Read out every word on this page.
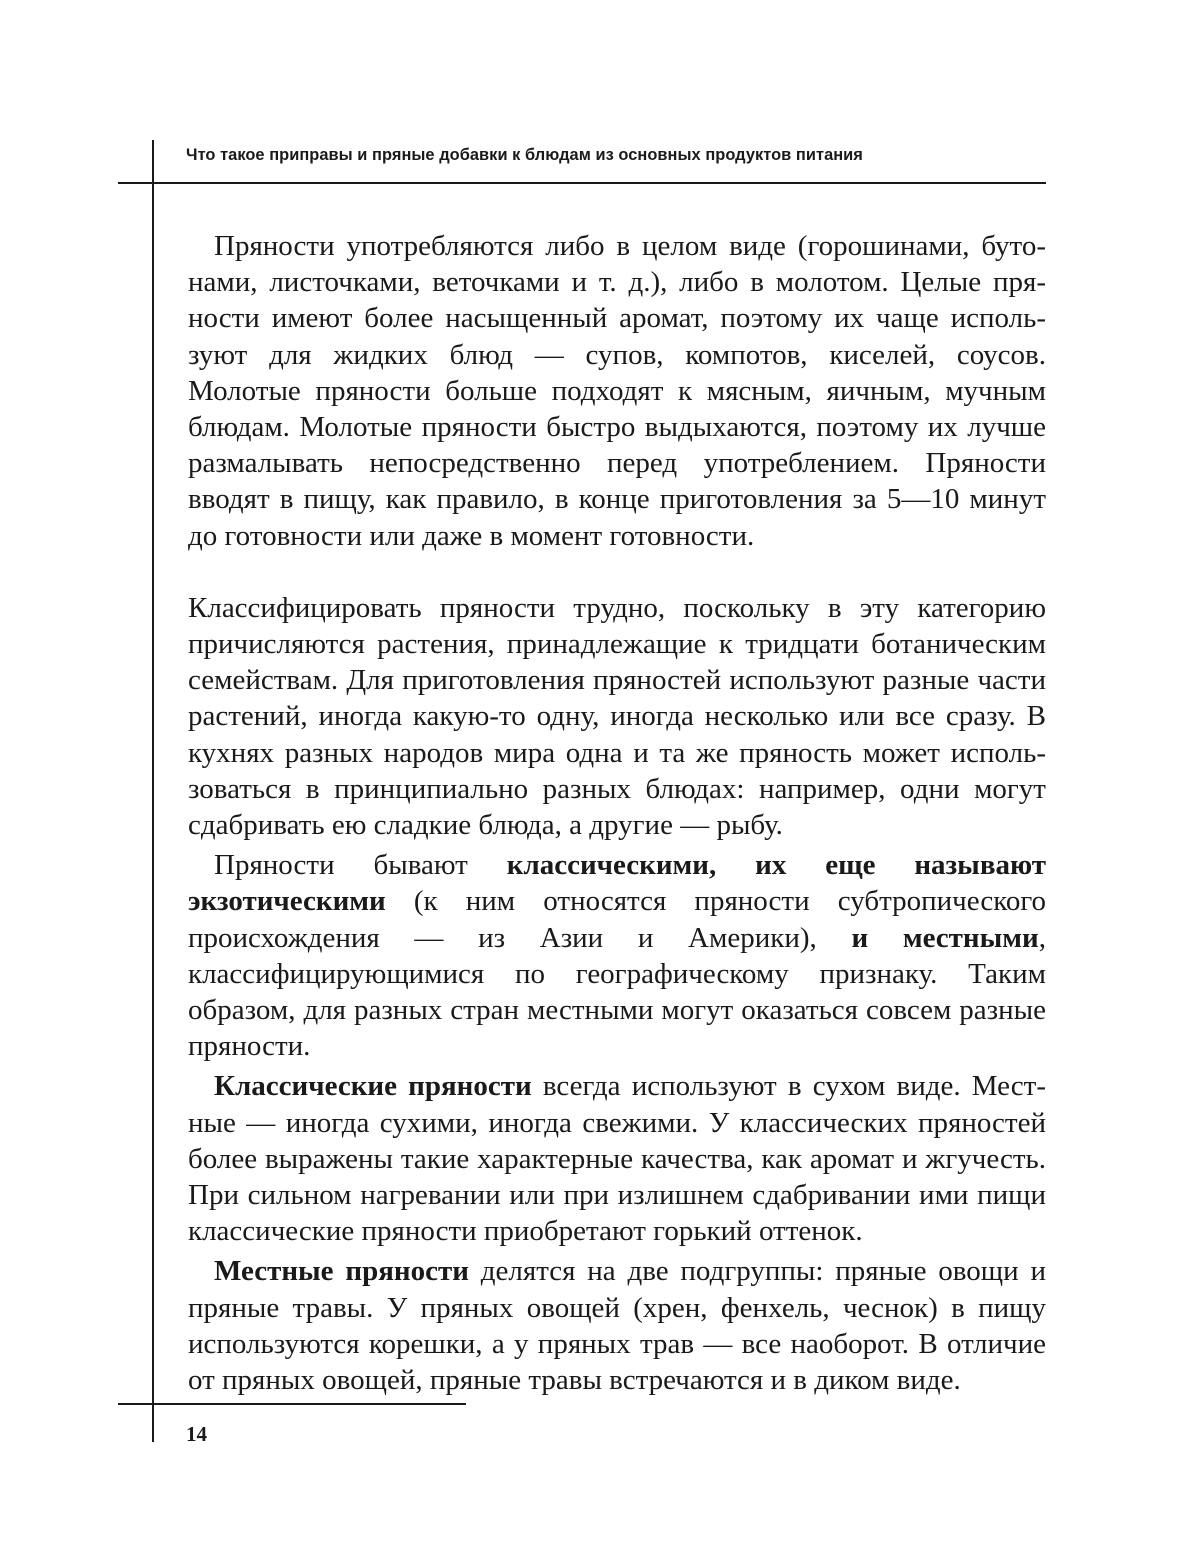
Что такое приправы и пряные добавки к блюдам из основных продуктов питания

Пряности употребляются либо в целом виде (горошинами, бутонами, листочками, веточками и т. д.), либо в молотом. Целые пряности имеют более насыщенный аромат, поэтому их чаще используют для жидких блюд — супов, компотов, киселей, соусов. Молотые пряности больше подходят к мясным, яичным, мучным блюдам. Молотые пряности быстро выдыхаются, поэтому их лучше размалывать непосредственно перед употреблением. Пряности вводят в пищу, как правило, в конце приготовления за 5—10 минут до готовности или даже в момент готовности.

Классифицировать пряности трудно, поскольку в эту категорию причисляются растения, принадлежащие к тридцати ботаническим семействам. Для приготовления пряностей используют разные части растений, иногда какую-то одну, иногда несколько или все сразу. В кухнях разных народов мира одна и та же пряность может использоваться в принципиально разных блюдах: например, одни могут сдабривать ею сладкие блюда, а другие — рыбу.

Пряности бывают классическими, их еще называют экзотическими (к ним относятся пряности субтропического происхождения — из Азии и Америки), и местными, классифицирующимися по географическому признаку. Таким образом, для разных стран местными могут оказаться совсем разные пряности.

Классические пряности всегда используют в сухом виде. Местные — иногда сухими, иногда свежими. У классических пряностей более выражены такие характерные качества, как аромат и жгучесть. При сильном нагревании или при излишнем сдабривании ими пищи классические пряности приобретают горький оттенок.

Местные пряности делятся на две подгруппы: пряные овощи и пряные травы. У пряных овощей (хрен, фенхель, чеснок) в пищу используются корешки, а у пряных трав — все наоборот. В отличие от пряных овощей, пряные травы встречаются и в диком виде.

14
